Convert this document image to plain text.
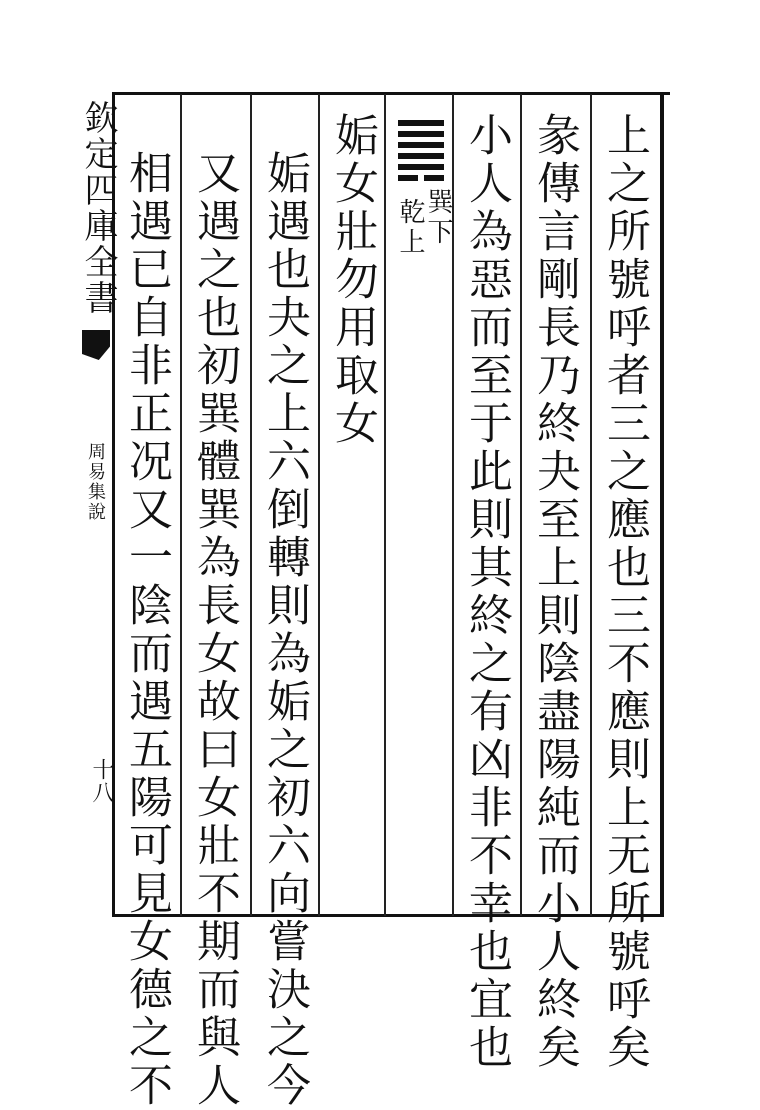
欽定四庫全書
周易集說
十八	上之所號呼者三之應也三不應則上无所號呼矣
彖傳言剛長乃終夬至上則陰盡陽純而小人終矣
小人為惡而至于此則其終之有凶非不幸也宜也
巽下
乾上
姤女壯勿用取女
姤遇也夬之上六倒轉則為姤之初六向嘗決之今
又遇之也初巽體巽為長女故曰女壯不期而與人
相遇已自非正况又一陰而遇五陽可見女德之不
